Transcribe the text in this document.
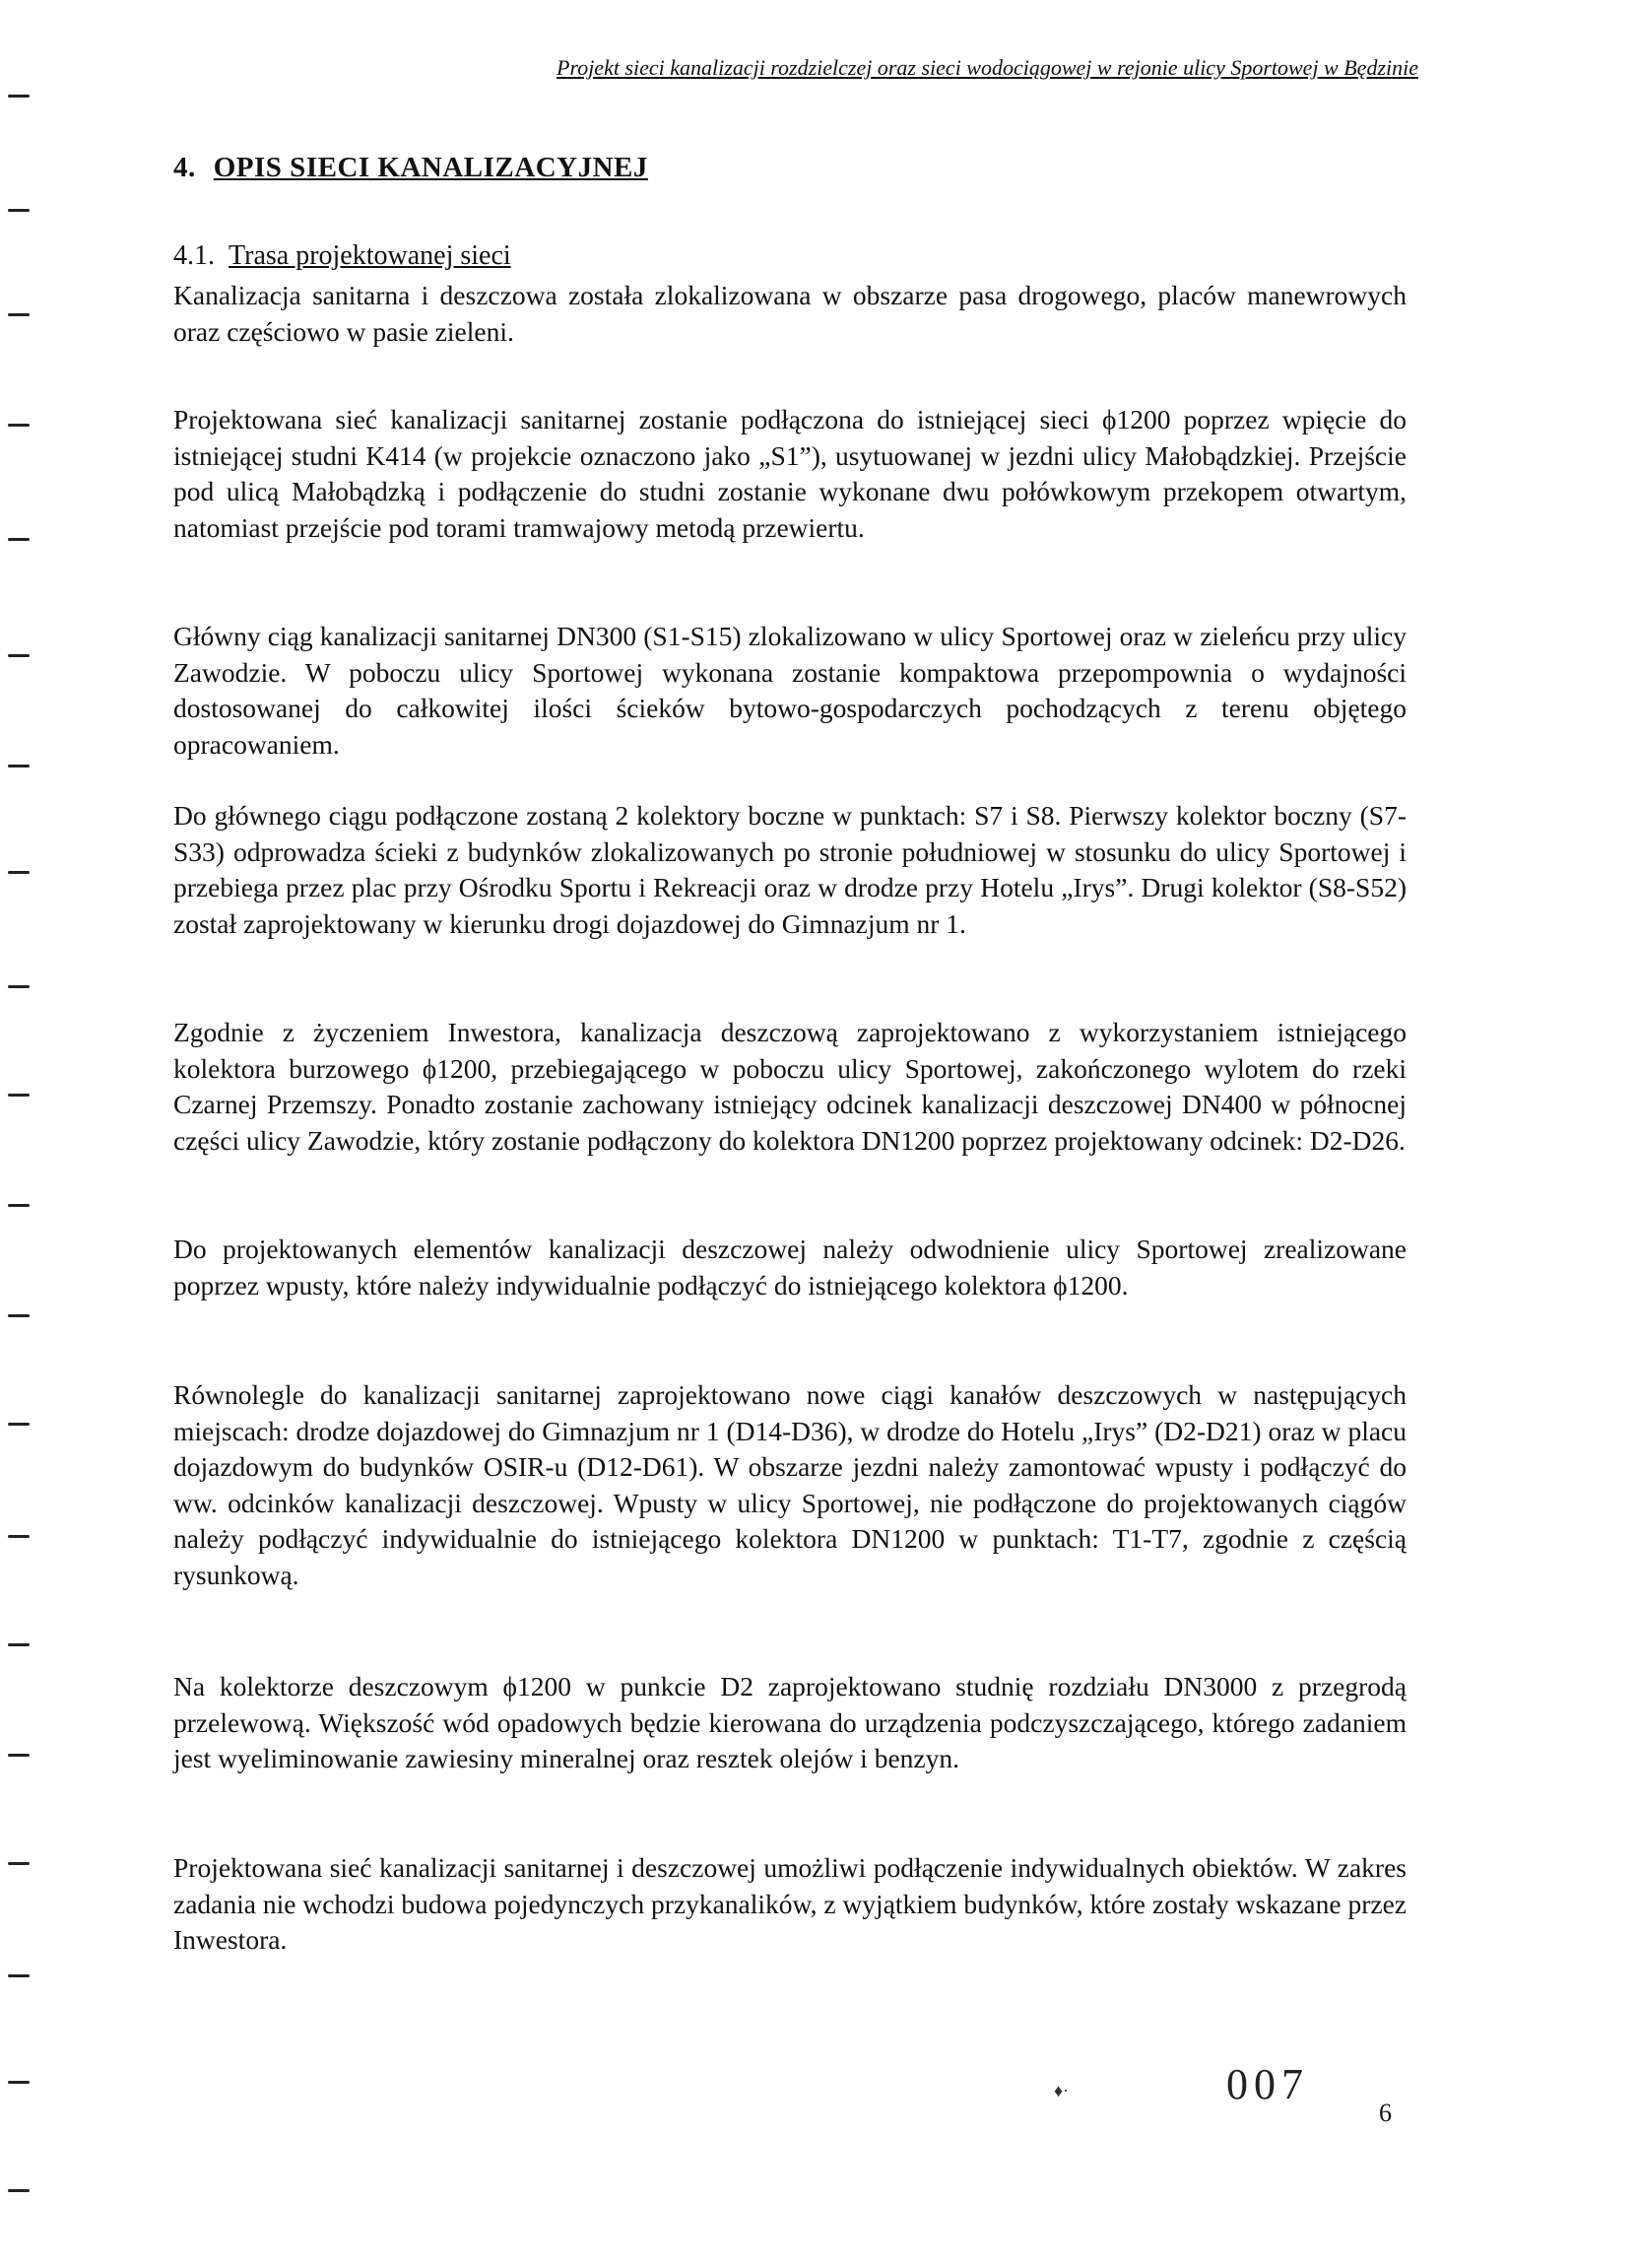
Projekt sieci kanalizacji rozdzielczej oraz sieci wodociągowej w rejonie ulicy Sportowej w Będzinie
4. OPIS SIECI KANALIZACYJNEJ
4.1. Trasa projektowanej sieci

Kanalizacja sanitarna i deszczowa została zlokalizowana w obszarze pasa drogowego, placów manewrowych oraz częściowo w pasie zieleni.

Projektowana sieć kanalizacji sanitarnej zostanie podłączona do istniejącej sieci ϕ1200 poprzez wpięcie do istniejącej studni K414 (w projekcie oznaczono jako „S1”), usytuowanej w jezdni ulicy Małobądzkiej. Przejście pod ulicą Małobądzką i podłączenie do studni zostanie wykonane dwu połówkowym przekopem otwartym, natomiast przejście pod torami tramwajowy metodą przewiertu.

Główny ciąg kanalizacji sanitarnej DN300 (S1-S15) zlokalizowano w ulicy Sportowej oraz w zieleńcu przy ulicy Zawodzie. W poboczu ulicy Sportowej wykonana zostanie kompaktowa przepompownia o wydajności dostosowanej do całkowitej ilości ścieków bytowo-gospodarczych pochodzących z terenu objętego opracowaniem.

Do głównego ciągu podłączone zostaną 2 kolektory boczne w punktach: S7 i S8. Pierwszy kolektor boczny (S7-S33) odprowadza ścieki z budynków zlokalizowanych po stronie południowej w stosunku do ulicy Sportowej i przebiega przez plac przy Ośrodku Sportu i Rekreacji oraz w drodze przy Hotelu „Irys”. Drugi kolektor (S8-S52) został zaprojektowany w kierunku drogi dojazdowej do Gimnazjum nr 1.

Zgodnie z życzeniem Inwestora, kanalizacja deszczową zaprojektowano z wykorzystaniem istniejącego kolektora burzowego ϕ1200, przebiegającego w poboczu ulicy Sportowej, zakończonego wylotem do rzeki Czarnej Przemszy. Ponadto zostanie zachowany istniejący odcinek kanalizacji deszczowej DN400 w północnej części ulicy Zawodzie, który zostanie podłączony do kolektora DN1200 poprzez projektowany odcinek: D2-D26.

Do projektowanych elementów kanalizacji deszczowej należy odwodnienie ulicy Sportowej zrealizowane poprzez wpusty, które należy indywidualnie podłączyć do istniejącego kolektora ϕ1200.

Równolegle do kanalizacji sanitarnej zaprojektowano nowe ciągi kanałów deszczowych w następujących miejscach: drodze dojazdowej do Gimnazjum nr 1 (D14-D36), w drodze do Hotelu „Irys” (D2-D21) oraz w placu dojazdowym do budynków OSIR-u (D12-D61). W obszarze jezdni należy zamontować wpusty i podłączyć do ww. odcinków kanalizacji deszczowej. Wpusty w ulicy Sportowej, nie podłączone do projektowanych ciągów należy podłączyć indywidualnie do istniejącego kolektora DN1200 w punktach: T1-T7, zgodnie z częścią rysunkową.

Na kolektorze deszczowym ϕ1200 w punkcie D2 zaprojektowano studnię rozdziału DN3000 z przegrodą przelewową. Większość wód opadowych będzie kierowana do urządzenia podczyszczającego, którego zadaniem jest wyeliminowanie zawiesiny mineralnej oraz resztek olejów i benzyn.

Projektowana sieć kanalizacji sanitarnej i deszczowej umożliwi podłączenie indywidualnych obiektów. W zakres zadania nie wchodzi budowa pojedynczych przykanalików, z wyjątkiem budynków, które zostały wskazane przez Inwestora.

♦·	007
6
